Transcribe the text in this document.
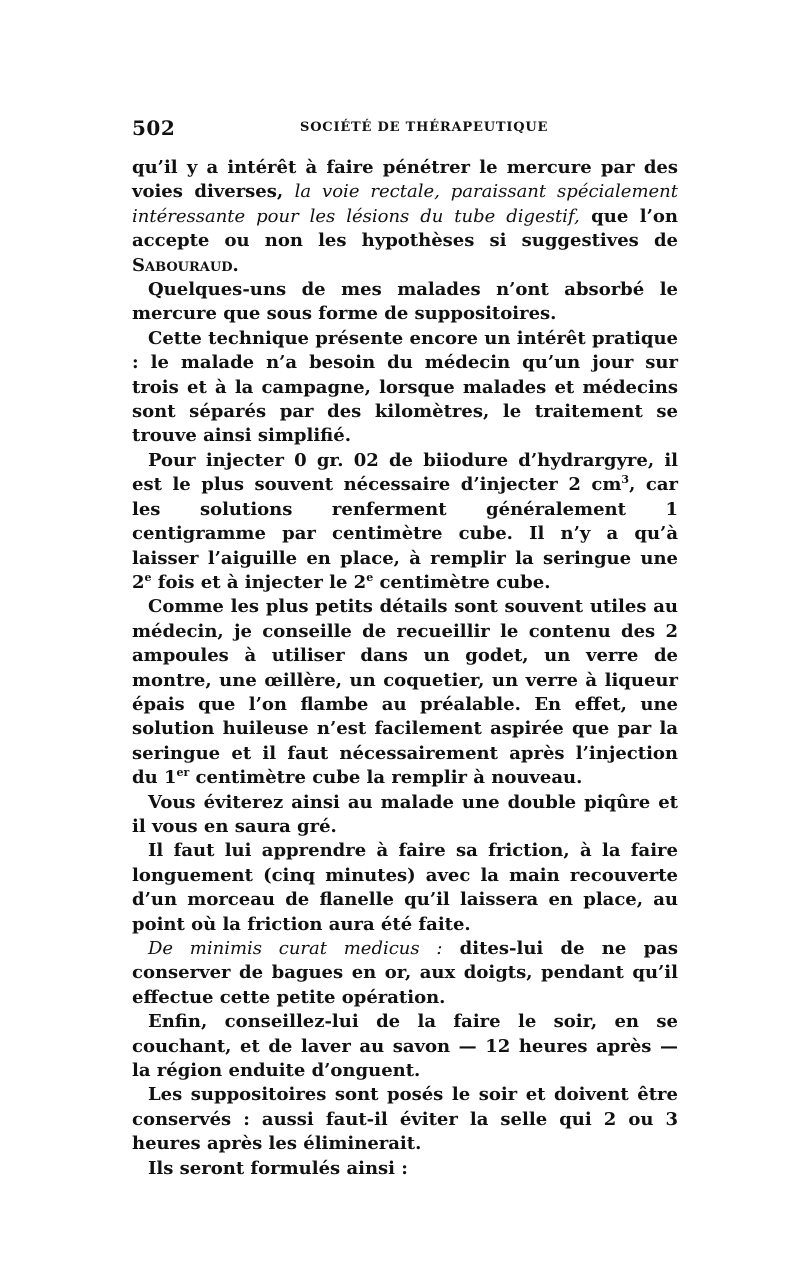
502	SOCIÉTÉ DE THÉRAPEUTIQUE

qu’il y a intérêt à faire pénétrer le mercure par des voies diverses, la voie rectale, paraissant spécialement intéressante pour les lésions du tube digestif, que l’on accepte ou non les hypothèses si suggestives de Sabouraud.

Quelques-uns de mes malades n’ont absorbé le mercure que sous forme de suppositoires.

Cette technique présente encore un intérêt pratique : le malade n’a besoin du médecin qu’un jour sur trois et à la campagne, lorsque malades et médecins sont séparés par des kilomètres, le traitement se trouve ainsi simplifié.

Pour injecter 0 gr. 02 de biiodure d’hydrargyre, il est le plus souvent nécessaire d’injecter 2 $cm^3$, car les solutions renferment généralement 1 centigramme par centimètre cube. Il n’y a qu’à laisser l’aiguille en place, à remplir la seringue une 2e fois et à injecter le 2e centimètre cube.

Comme les plus petits détails sont souvent utiles au médecin, je conseille de recueillir le contenu des 2 ampoules à utiliser dans un godet, un verre de montre, une œillère, un coquetier, un verre à liqueur épais que l’on flambe au préalable. En effet, une solution huileuse n’est facilement aspirée que par la seringue et il faut nécessairement après l’injection du 1er centimètre cube la remplir à nouveau.

Vous éviterez ainsi au malade une double piqûre et il vous en saura gré.

Il faut lui apprendre à faire sa friction, à la faire longuement (cinq minutes) avec la main recouverte d’un morceau de flanelle qu’il laissera en place, au point où la friction aura été faite.

De minimis curat medicus : dites-lui de ne pas conserver de bagues en or, aux doigts, pendant qu’il effectue cette petite opération.

Enfin, conseillez-lui de la faire le soir, en se couchant, et de laver au savon — 12 heures après — la région enduite d’onguent.

Les suppositoires sont posés le soir et doivent être conservés : aussi faut-il éviter la selle qui 2 ou 3 heures après les éliminerait.

Ils seront formulés ainsi :
